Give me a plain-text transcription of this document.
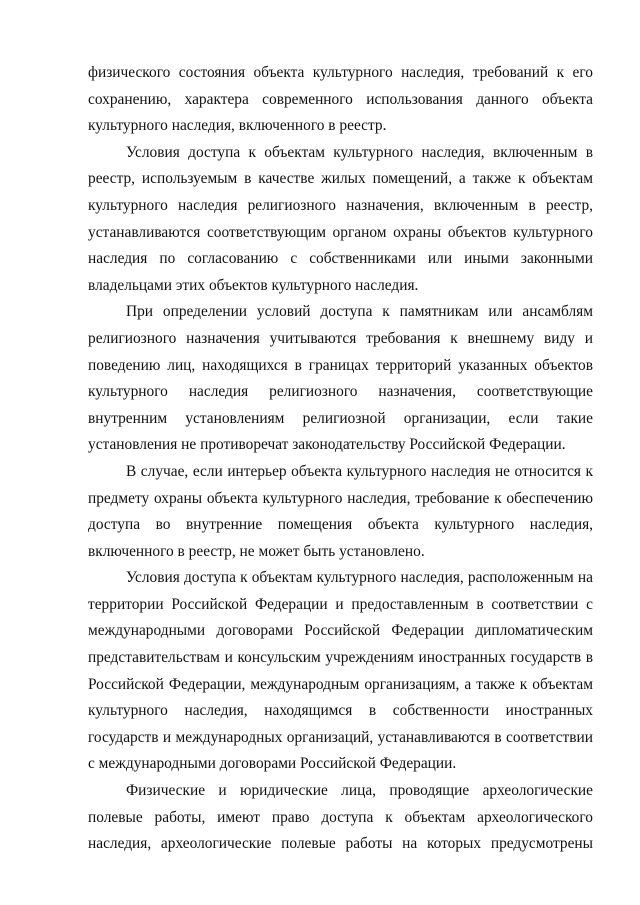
физического состояния объекта культурного наследия, требований к его сохранению, характера современного использования данного объекта культурного наследия, включенного в реестр.

Условия доступа к объектам культурного наследия, включенным в реестр, используемым в качестве жилых помещений, а также к объектам культурного наследия религиозного назначения, включенным в реестр, устанавливаются соответствующим органом охраны объектов культурного наследия по согласованию с собственниками или иными законными владельцами этих объектов культурного наследия.

При определении условий доступа к памятникам или ансамблям религиозного назначения учитываются требования к внешнему виду и поведению лиц, находящихся в границах территорий указанных объектов культурного наследия религиозного назначения, соответствующие внутренним установлениям религиозной организации, если такие установления не противоречат законодательству Российской Федерации.

В случае, если интерьер объекта культурного наследия не относится к предмету охраны объекта культурного наследия, требование к обеспечению доступа во внутренние помещения объекта культурного наследия, включенного в реестр, не может быть установлено.

Условия доступа к объектам культурного наследия, расположенным на территории Российской Федерации и предоставленным в соответствии с международными договорами Российской Федерации дипломатическим представительствам и консульским учреждениям иностранных государств в Российской Федерации, международным организациям, а также к объектам культурного наследия, находящимся в собственности иностранных государств и международных организаций, устанавливаются в соответствии с международными договорами Российской Федерации.

Физические и юридические лица, проводящие археологические полевые работы, имеют право доступа к объектам археологического наследия, археологические полевые работы на которых предусмотрены
